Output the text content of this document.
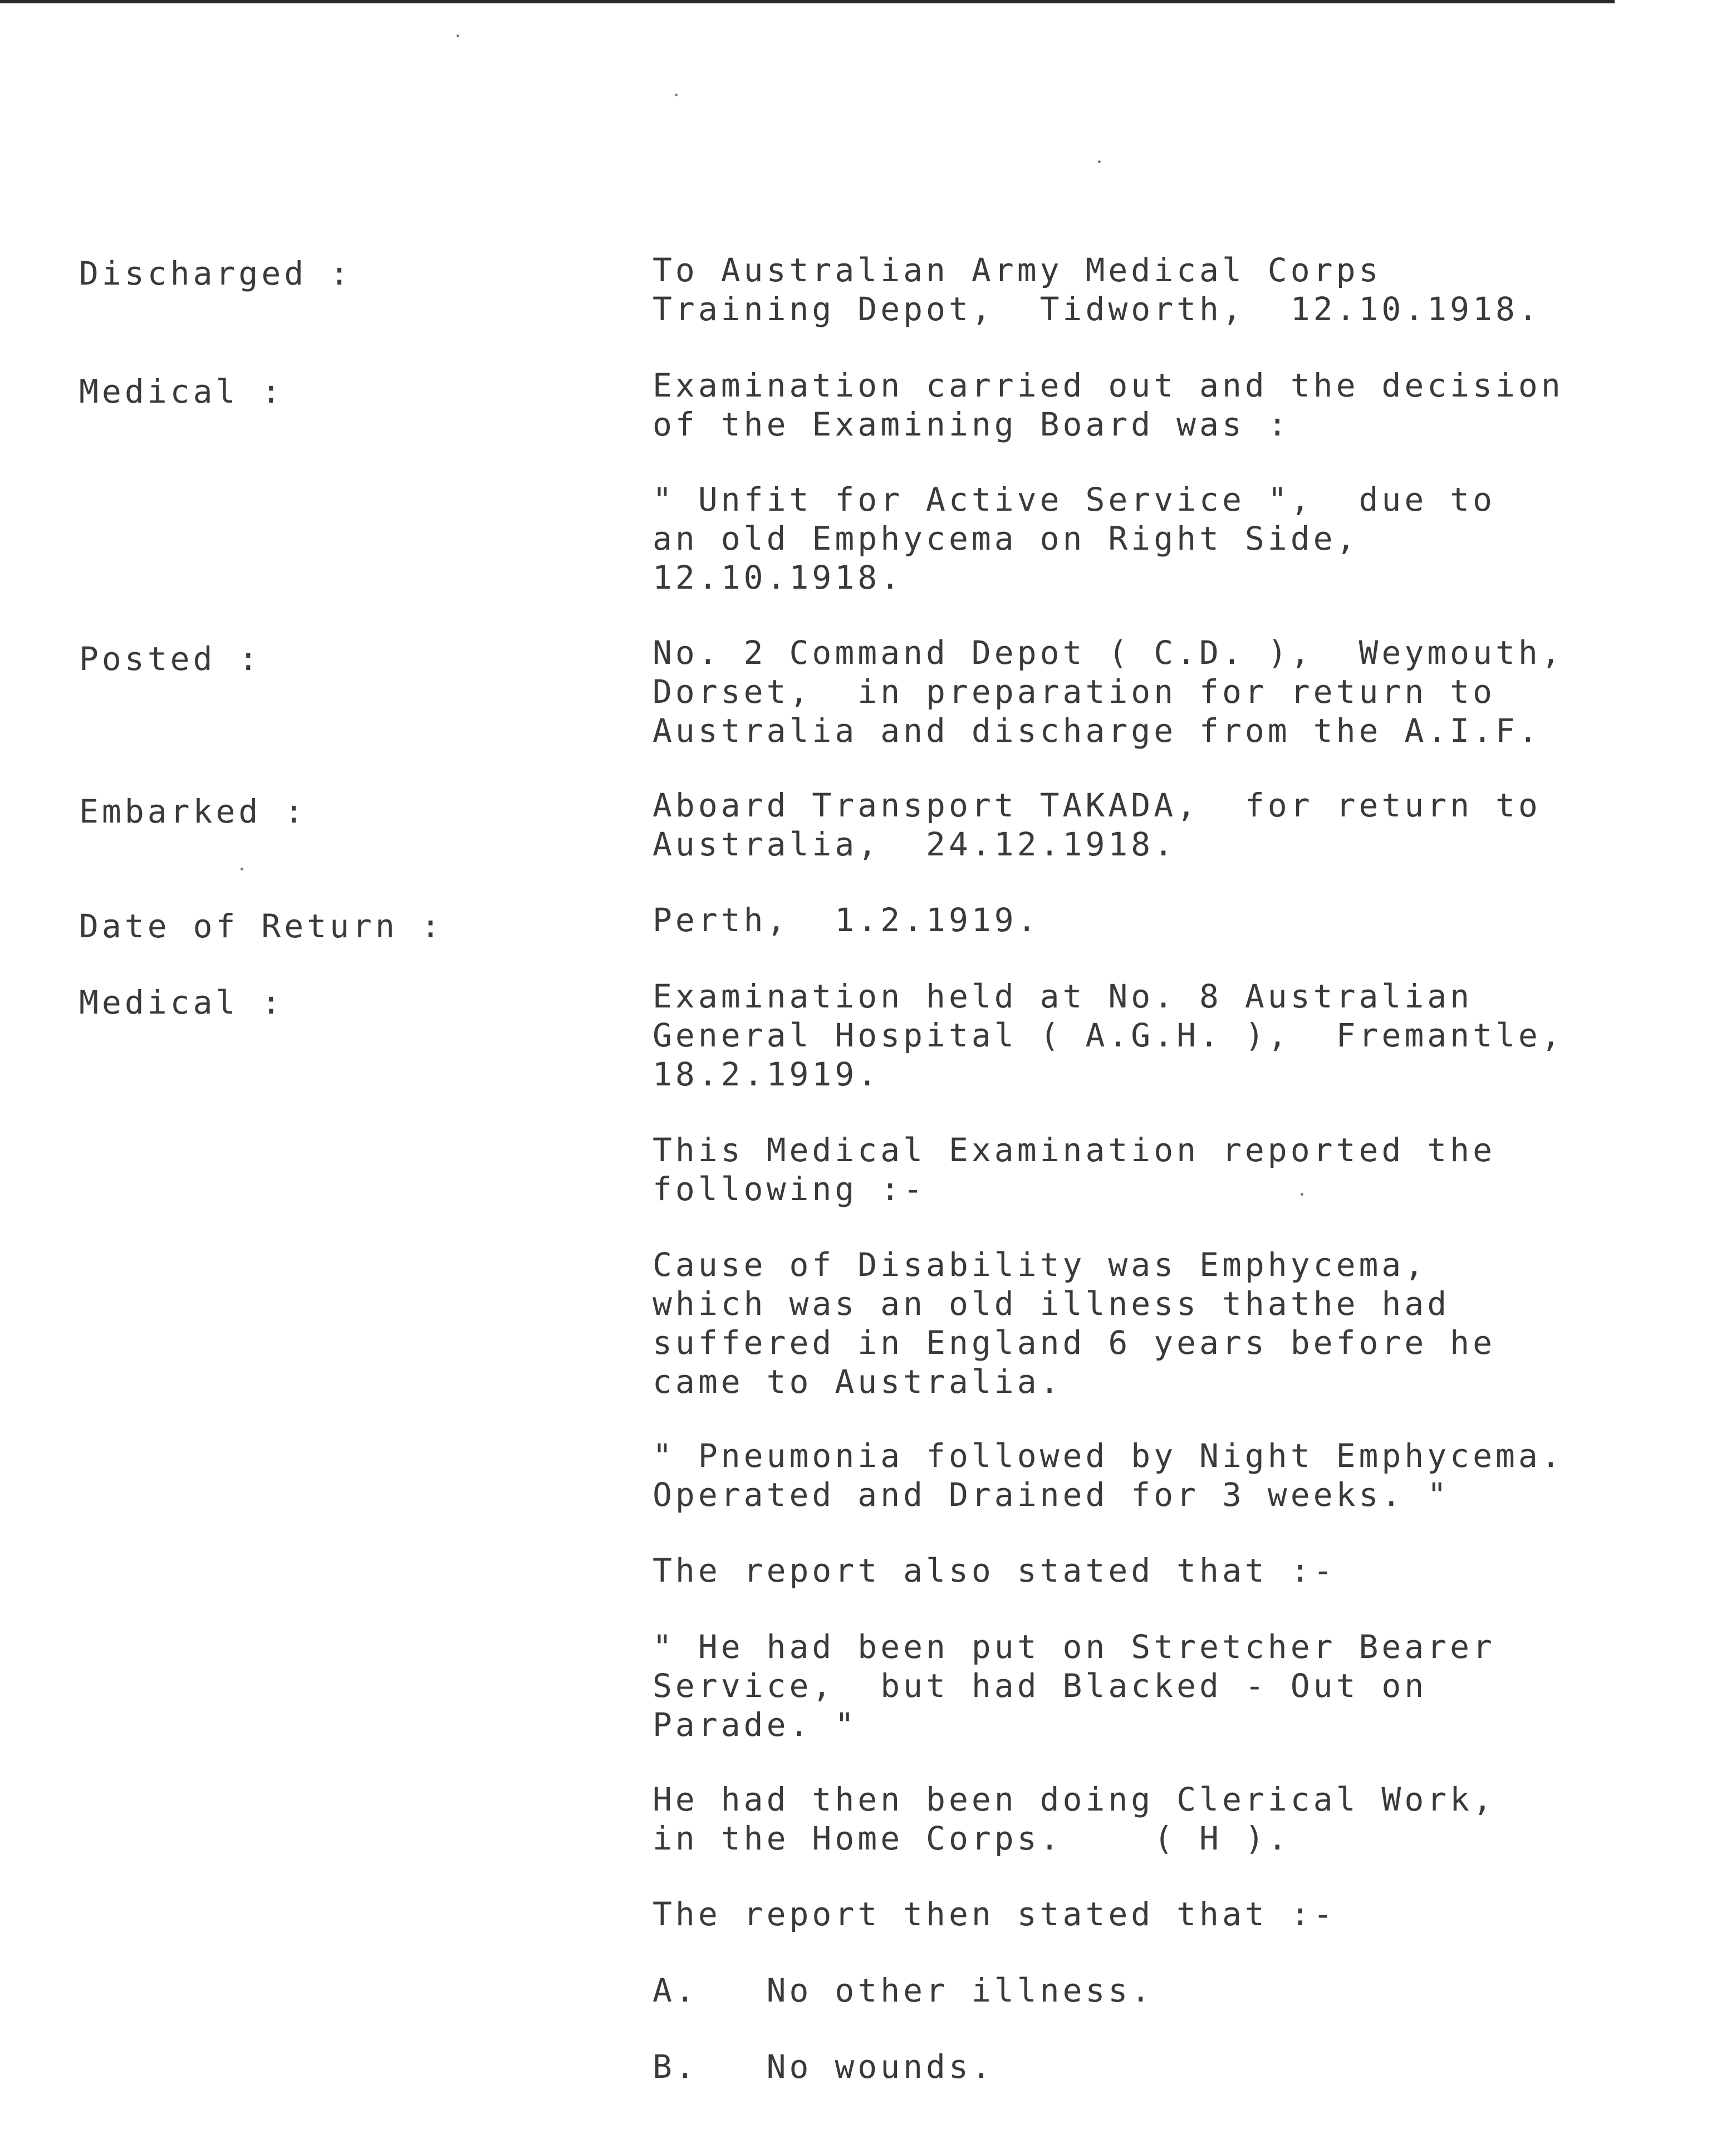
Discharged :	To Australian Army Medical Corps
Training Depot,  Tidworth,  12.10.1918.
Medical :	Examination carried out and the decision
of the Examining Board was :
" Unfit for Active Service ",  due to
an old Emphycema on Right Side,
12.10.1918.
Posted :	No. 2 Command Depot ( C.D. ),  Weymouth,
Dorset,  in preparation for return to
Australia and discharge from the A.I.F.
Embarked :	Aboard Transport TAKADA,  for return to
Australia,  24.12.1918.
Date of Return :	Perth,  1.2.1919.
Medical :	Examination held at No. 8 Australian
General Hospital ( A.G.H. ),  Fremantle,
18.2.1919.
This Medical Examination reported the
following :-
Cause of Disability was Emphycema,
which was an old illness thathe had
suffered in England 6 years before he
came to Australia.
" Pneumonia followed by Night Emphycema.
Operated and Drained for 3 weeks. "
The report also stated that :-
" He had been put on Stretcher Bearer
Service,  but had Blacked - Out on
Parade. "
He had then been doing Clerical Work,
in the Home Corps.    ( H ).
The report then stated that :-
A.   No other illness.
B.   No wounds.
